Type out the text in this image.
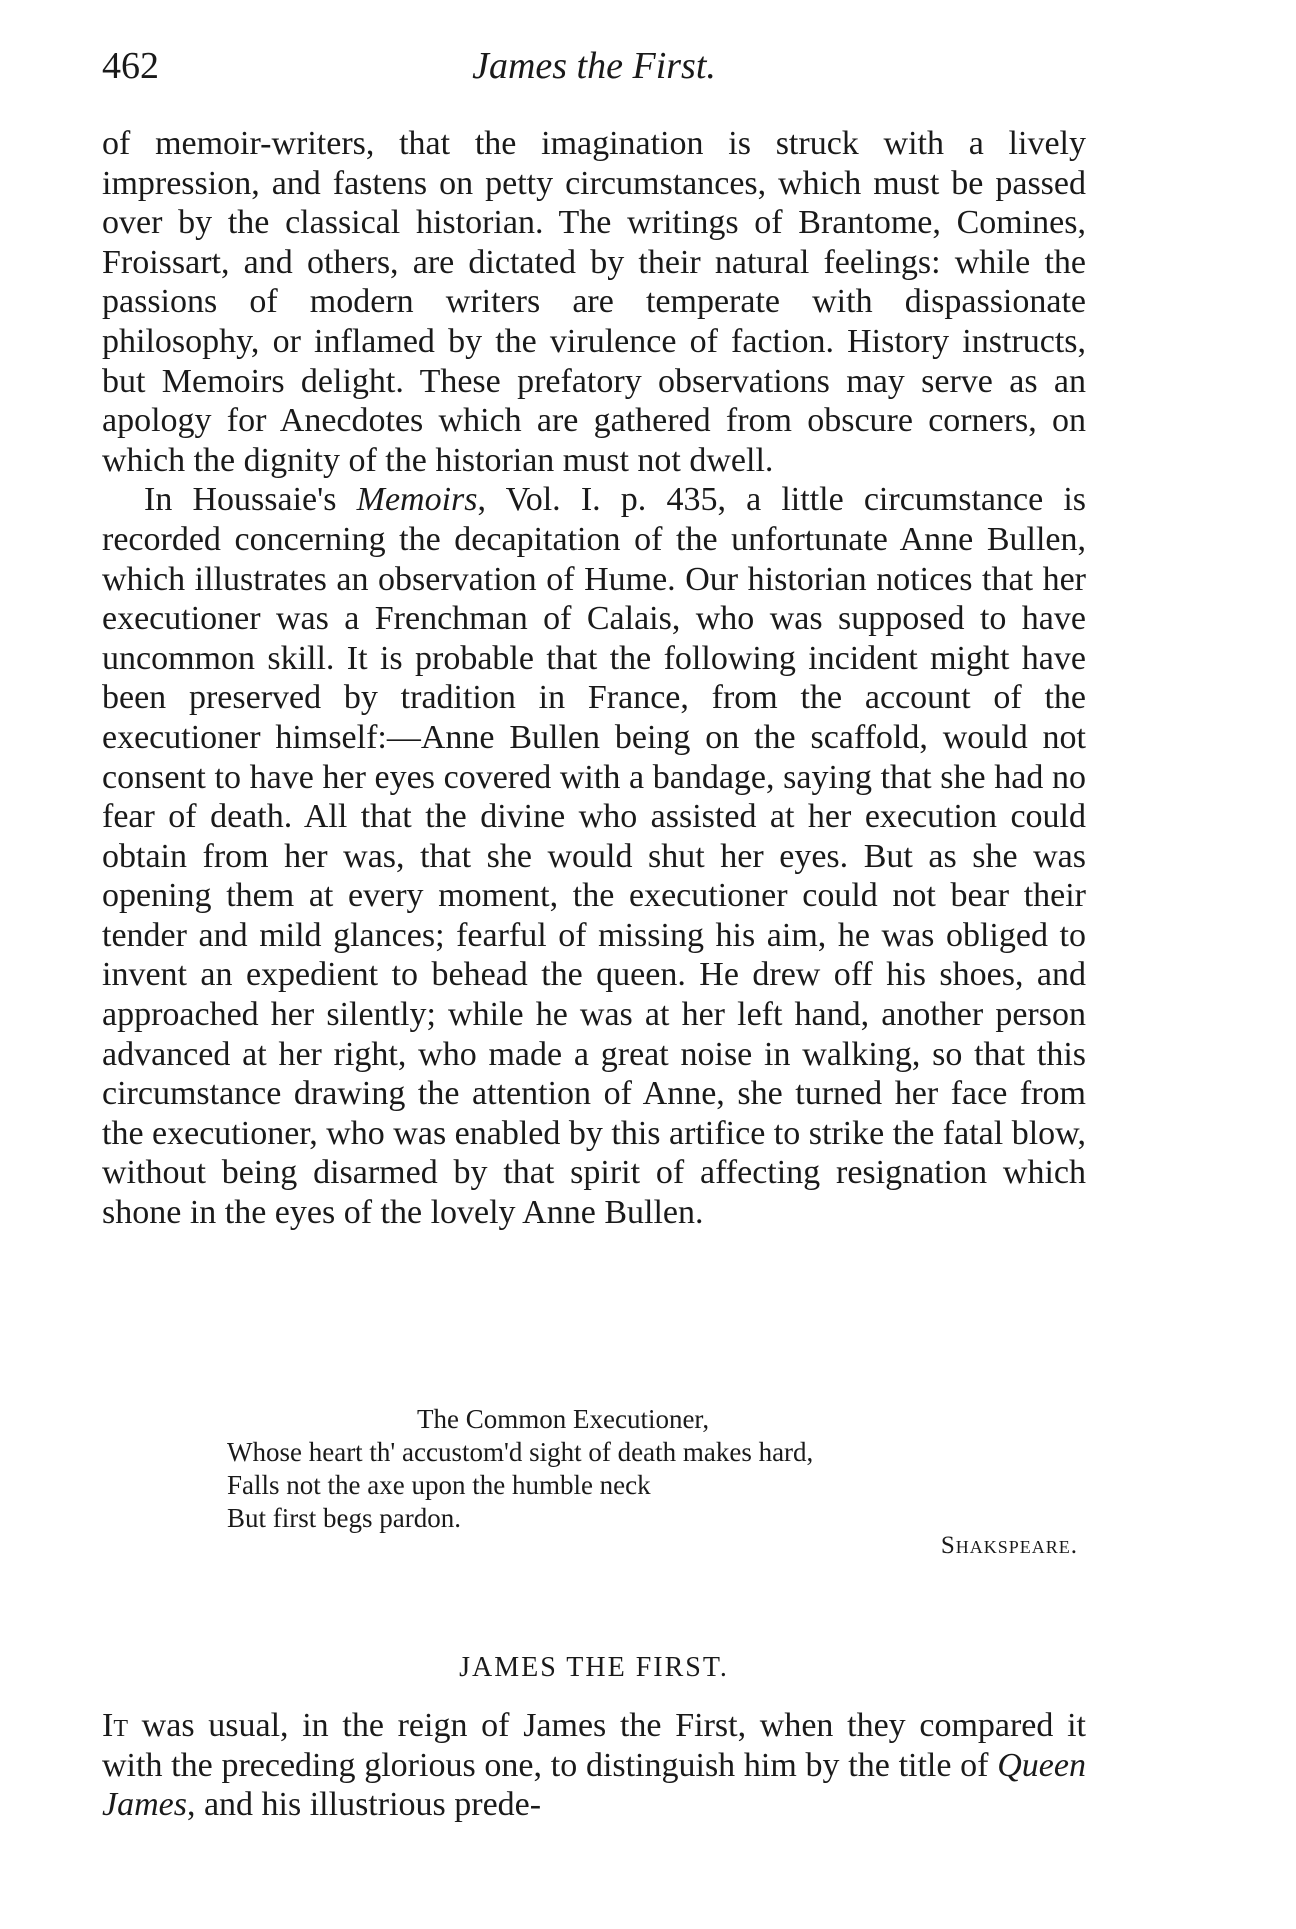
462	James the First.

of memoir-writers, that the imagination is struck with a lively impression, and fastens on petty circumstances, which must be passed over by the classical historian. The writings of Brantome, Comines, Froissart, and others, are dictated by their natural feelings: while the passions of modern writers are temperate with dispassionate philosophy, or inflamed by the virulence of faction. History instructs, but Memoirs delight. These prefatory observations may serve as an apology for Anecdotes which are gathered from obscure corners, on which the dignity of the historian must not dwell.

In Houssaie's Memoirs, Vol. I. p. 435, a little circumstance is recorded concerning the decapitation of the unfortunate Anne Bullen, which illustrates an observation of Hume. Our historian notices that her executioner was a Frenchman of Calais, who was supposed to have uncommon skill. It is probable that the following incident might have been preserved by tradition in France, from the account of the executioner himself:—Anne Bullen being on the scaffold, would not consent to have her eyes covered with a bandage, saying that she had no fear of death. All that the divine who assisted at her execution could obtain from her was, that she would shut her eyes. But as she was opening them at every moment, the executioner could not bear their tender and mild glances; fearful of missing his aim, he was obliged to invent an expedient to behead the queen. He drew off his shoes, and approached her silently; while he was at her left hand, another person advanced at her right, who made a great noise in walking, so that this circumstance drawing the attention of Anne, she turned her face from the executioner, who was enabled by this artifice to strike the fatal blow, without being disarmed by that spirit of affecting resignation which shone in the eyes of the lovely Anne Bullen.

The Common Executioner,
Whose heart th' accustom'd sight of death makes hard,
Falls not the axe upon the humble neck
But first begs pardon.
Shakspeare.
JAMES THE FIRST.
It was usual, in the reign of James the First, when they compared it with the preceding glorious one, to distinguish him by the title of Queen James, and his illustrious prede-
